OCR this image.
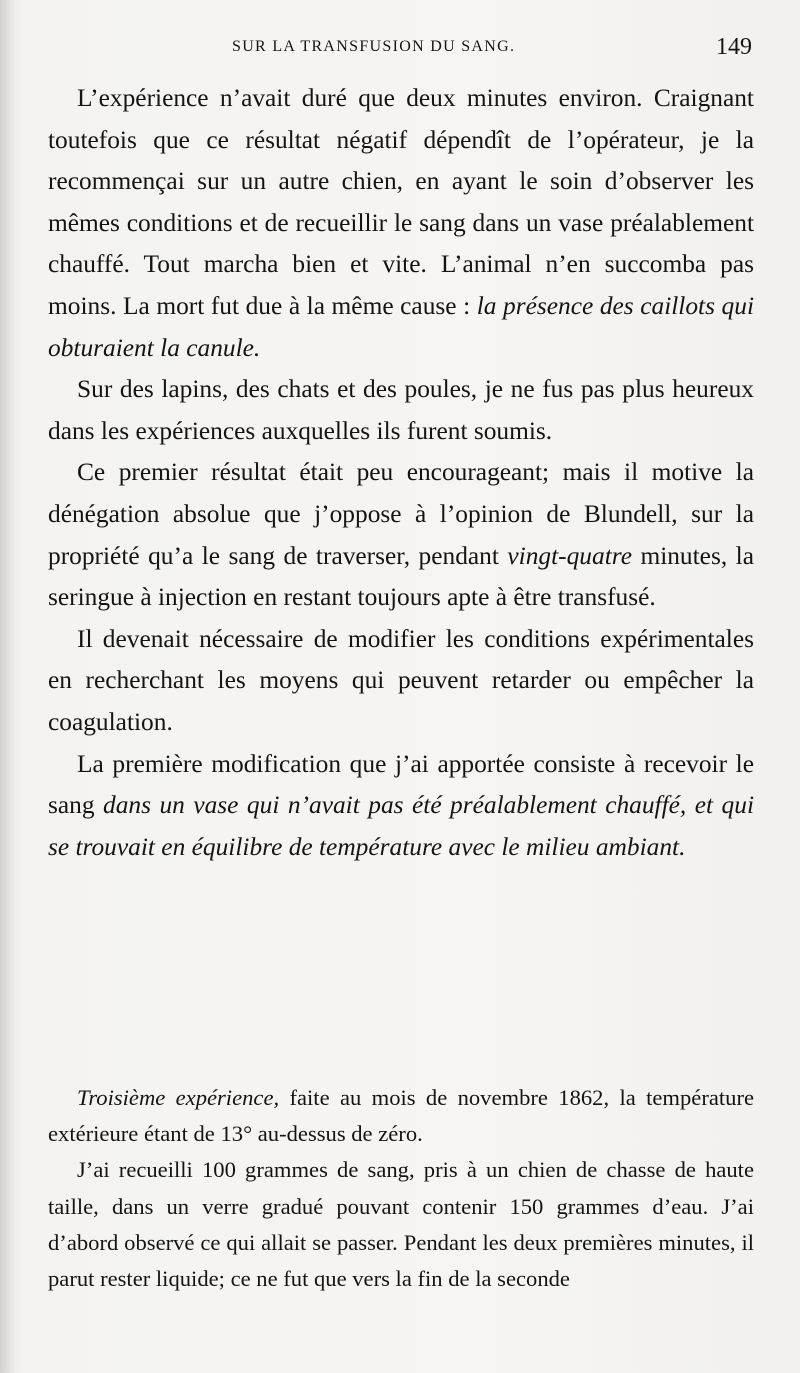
SUR LA TRANSFUSION DU SANG.	149

L’expérience n’avait duré que deux minutes environ. Craignant toutefois que ce résultat négatif dépendît de l’opérateur, je la recommençai sur un autre chien, en ayant le soin d’observer les mêmes conditions et de recueillir le sang dans un vase préalablement chauffé. Tout marcha bien et vite. L’animal n’en succomba pas moins. La mort fut due à la même cause : la présence des caillots qui obturaient la canule.

Sur des lapins, des chats et des poules, je ne fus pas plus heureux dans les expériences auxquelles ils furent soumis.

Ce premier résultat était peu encourageant; mais il motive la dénégation absolue que j’oppose à l’opinion de Blundell, sur la propriété qu’a le sang de traverser, pendant vingt-quatre minutes, la seringue à injection en restant toujours apte à être transfusé.

Il devenait nécessaire de modifier les conditions expérimentales en recherchant les moyens qui peuvent retarder ou empêcher la coagulation.

La première modification que j’ai apportée consiste à recevoir le sang dans un vase qui n’avait pas été préalablement chauffé, et qui se trouvait en équilibre de température avec le milieu ambiant.

Troisième expérience, faite au mois de novembre 1862, la température extérieure étant de 13° au-dessus de zéro.

J’ai recueilli 100 grammes de sang, pris à un chien de chasse de haute taille, dans un verre gradué pouvant contenir 150 grammes d’eau. J’ai d’abord observé ce qui allait se passer. Pendant les deux premières minutes, il parut rester liquide; ce ne fut que vers la fin de la seconde
